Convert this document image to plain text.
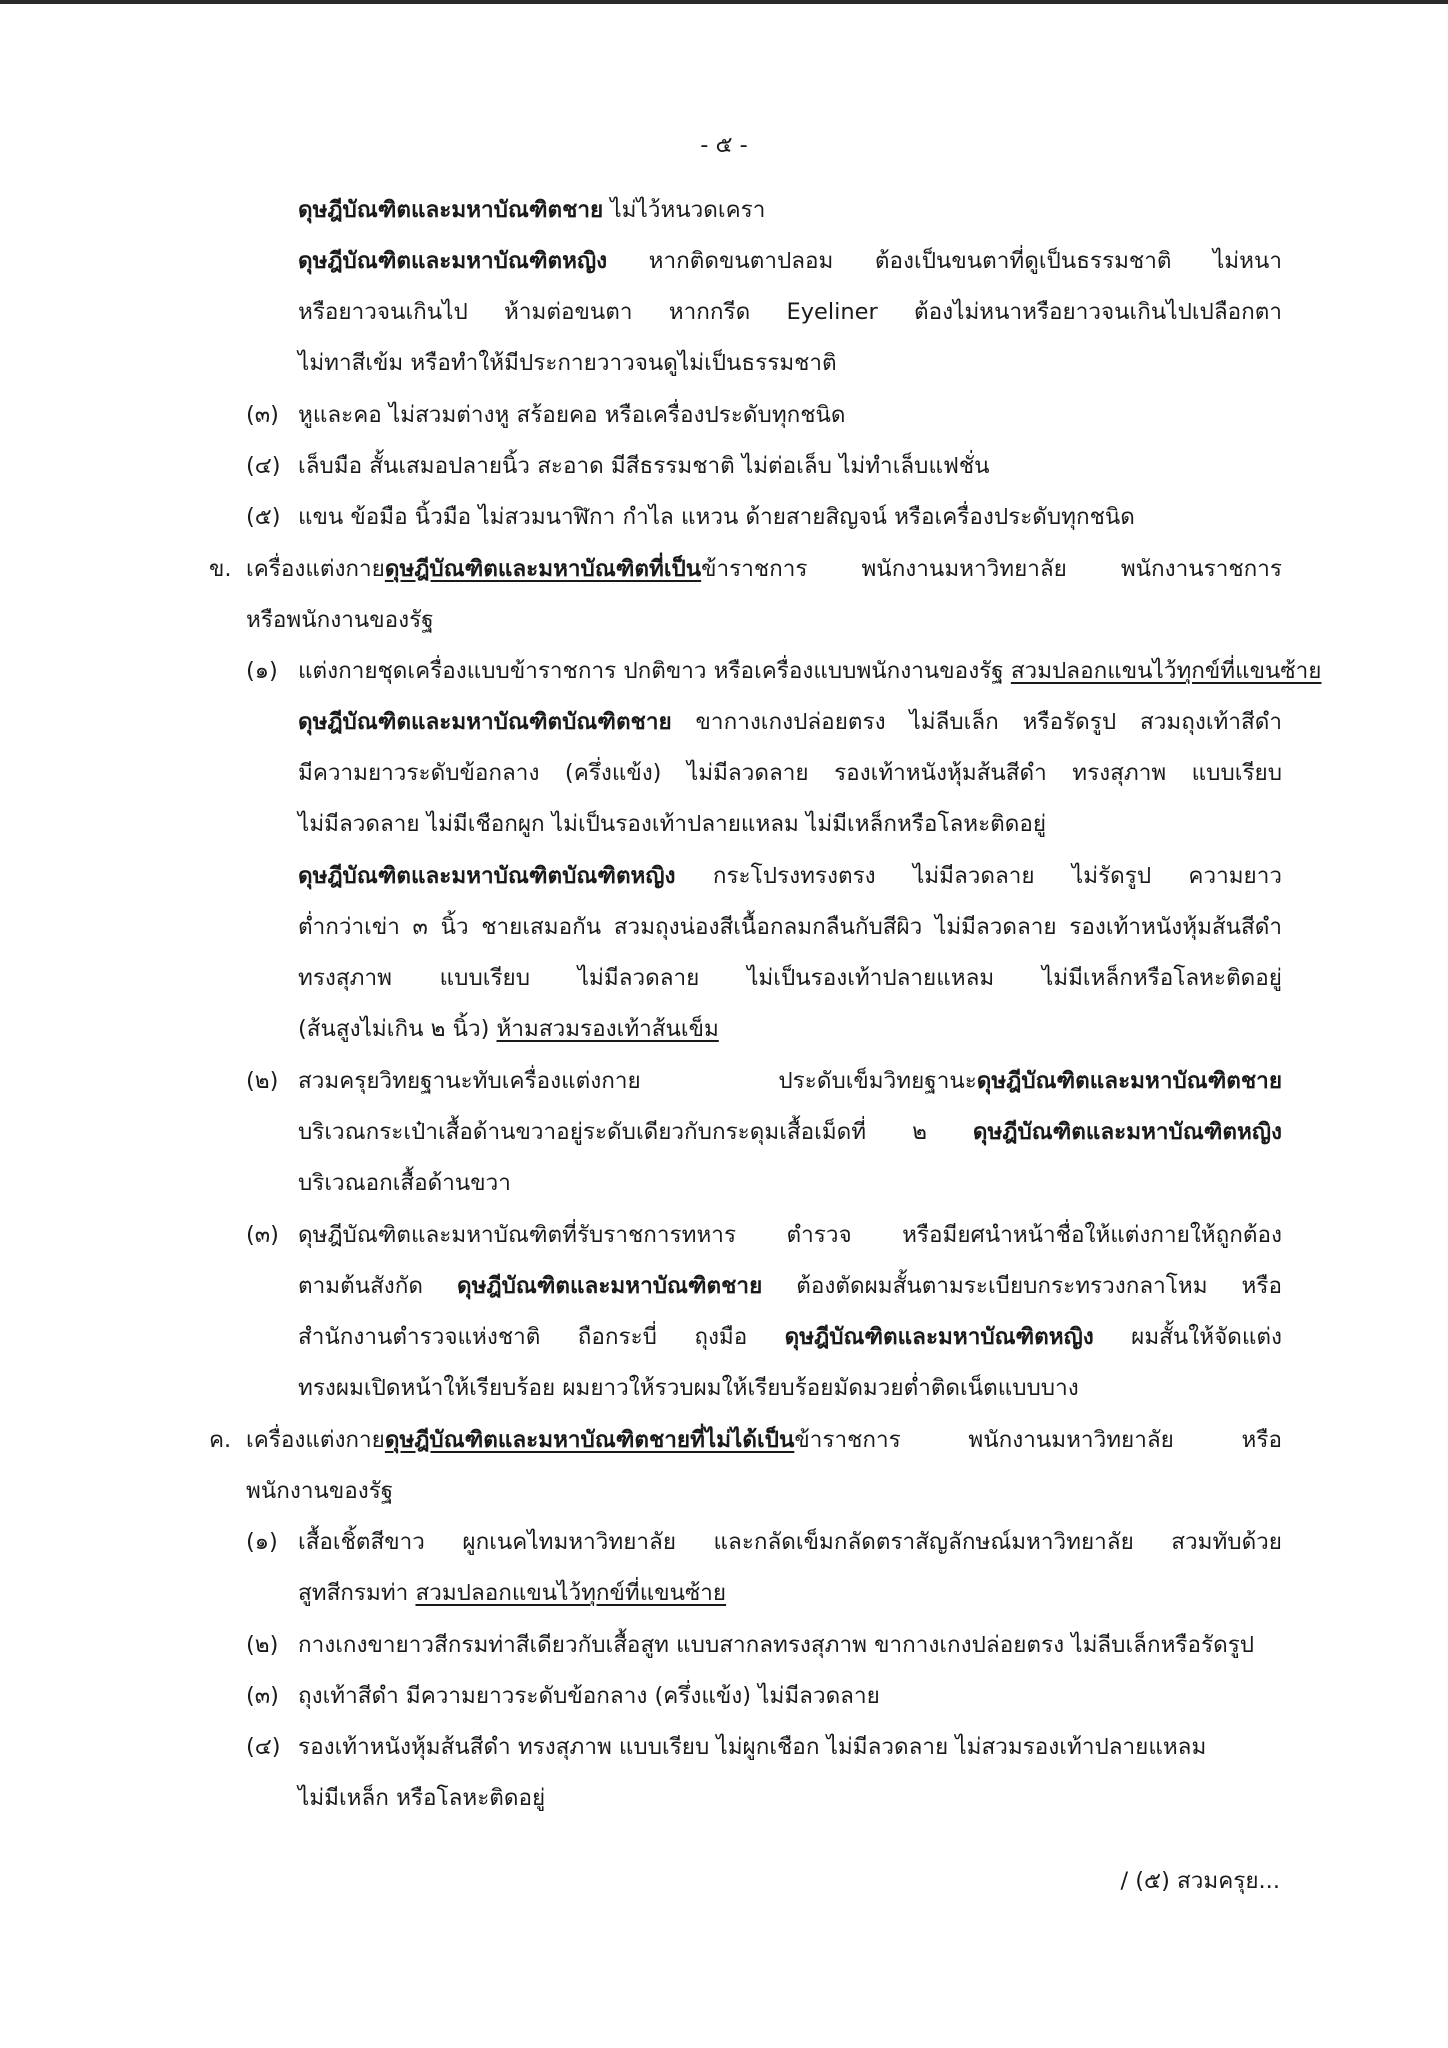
- ๕ -
ดุษฎีบัณฑิตและมหาบัณฑิตชาย ไม่ไว้หนวดเครา
ดุษฎีบัณฑิตและมหาบัณฑิตหญิง หากติดขนตาปลอม ต้องเป็นขนตาที่ดูเป็นธรรมชาติ ไม่หนา
หรือยาวจนเกินไป ห้ามต่อขนตา หากกรีด Eyeliner ต้องไม่หนาหรือยาวจนเกินไปเปลือกตา
ไม่ทาสีเข้ม หรือทำให้มีประกายวาวจนดูไม่เป็นธรรมชาติ
(๓) หูและคอ ไม่สวมต่างหู สร้อยคอ หรือเครื่องประดับทุกชนิด
(๔) เล็บมือ สั้นเสมอปลายนิ้ว สะอาด มีสีธรรมชาติ ไม่ต่อเล็บ ไม่ทำเล็บแฟชั่น
(๕) แขน ข้อมือ นิ้วมือ ไม่สวมนาฬิกา กำไล แหวน ด้ายสายสิญจน์ หรือเครื่องประดับทุกชนิด
ข. เครื่องแต่งกายดุษฎีบัณฑิตและมหาบัณฑิตที่เป็นข้าราชการ พนักงานมหาวิทยาลัย พนักงานราชการ
หรือพนักงานของรัฐ
(๑) แต่งกายชุดเครื่องแบบข้าราชการ ปกติขาว หรือเครื่องแบบพนักงานของรัฐ สวมปลอกแขนไว้ทุกข์ที่แขนซ้าย
ดุษฎีบัณฑิตและมหาบัณฑิตบัณฑิตชาย ขากางเกงปล่อยตรง ไม่ลีบเล็ก หรือรัดรูป สวมถุงเท้าสีดำ
มีความยาวระดับข้อกลาง (ครึ่งแข้ง) ไม่มีลวดลาย รองเท้าหนังหุ้มส้นสีดำ ทรงสุภาพ แบบเรียบ
ไม่มีลวดลาย ไม่มีเชือกผูก ไม่เป็นรองเท้าปลายแหลม ไม่มีเหล็กหรือโลหะติดอยู่
ดุษฎีบัณฑิตและมหาบัณฑิตบัณฑิตหญิง กระโปรงทรงตรง ไม่มีลวดลาย ไม่รัดรูป ความยาว
ต่ำกว่าเข่า ๓ นิ้ว ชายเสมอกัน สวมถุงน่องสีเนื้อกลมกลืนกับสีผิว ไม่มีลวดลาย รองเท้าหนังหุ้มส้นสีดำ
ทรงสุภาพ แบบเรียบ ไม่มีลวดลาย ไม่เป็นรองเท้าปลายแหลม ไม่มีเหล็กหรือโลหะติดอยู่
(ส้นสูงไม่เกิน ๒ นิ้ว) ห้ามสวมรองเท้าส้นเข็ม
(๒) สวมครุยวิทยฐานะทับเครื่องแต่งกาย ประดับเข็มวิทยฐานะดุษฎีบัณฑิตและมหาบัณฑิตชาย
บริเวณกระเป๋าเสื้อด้านขวาอยู่ระดับเดียวกับกระดุมเสื้อเม็ดที่ ๒ ดุษฎีบัณฑิตและมหาบัณฑิตหญิง
บริเวณอกเสื้อด้านขวา
(๓) ดุษฎีบัณฑิตและมหาบัณฑิตที่รับราชการทหาร ตำรวจ หรือมียศนำหน้าชื่อให้แต่งกายให้ถูกต้อง
ตามต้นสังกัด ดุษฎีบัณฑิตและมหาบัณฑิตชาย ต้องตัดผมสั้นตามระเบียบกระทรวงกลาโหม หรือ
สำนักงานตำรวจแห่งชาติ ถือกระบี่ ถุงมือ ดุษฎีบัณฑิตและมหาบัณฑิตหญิง ผมสั้นให้จัดแต่ง
ทรงผมเปิดหน้าให้เรียบร้อย ผมยาวให้รวบผมให้เรียบร้อยมัดมวยต่ำติดเน็ตแบบบาง
ค. เครื่องแต่งกายดุษฎีบัณฑิตและมหาบัณฑิตชายที่ไม่ได้เป็นข้าราชการ พนักงานมหาวิทยาลัย หรือ
พนักงานของรัฐ
(๑) เสื้อเชิ้ตสีขาว ผูกเนคไทมหาวิทยาลัย และกลัดเข็มกลัดตราสัญลักษณ์มหาวิทยาลัย สวมทับด้วย
สูทสีกรมท่า สวมปลอกแขนไว้ทุกข์ที่แขนซ้าย
(๒) กางเกงขายาวสีกรมท่าสีเดียวกับเสื้อสูท แบบสากลทรงสุภาพ ขากางเกงปล่อยตรง ไม่ลีบเล็กหรือรัดรูป
(๓) ถุงเท้าสีดำ มีความยาวระดับข้อกลาง (ครึ่งแข้ง) ไม่มีลวดลาย
(๔) รองเท้าหนังหุ้มส้นสีดำ ทรงสุภาพ แบบเรียบ ไม่ผูกเชือก ไม่มีลวดลาย ไม่สวมรองเท้าปลายแหลม
ไม่มีเหล็ก หรือโลหะติดอยู่
/ (๕) สวมครุย...
